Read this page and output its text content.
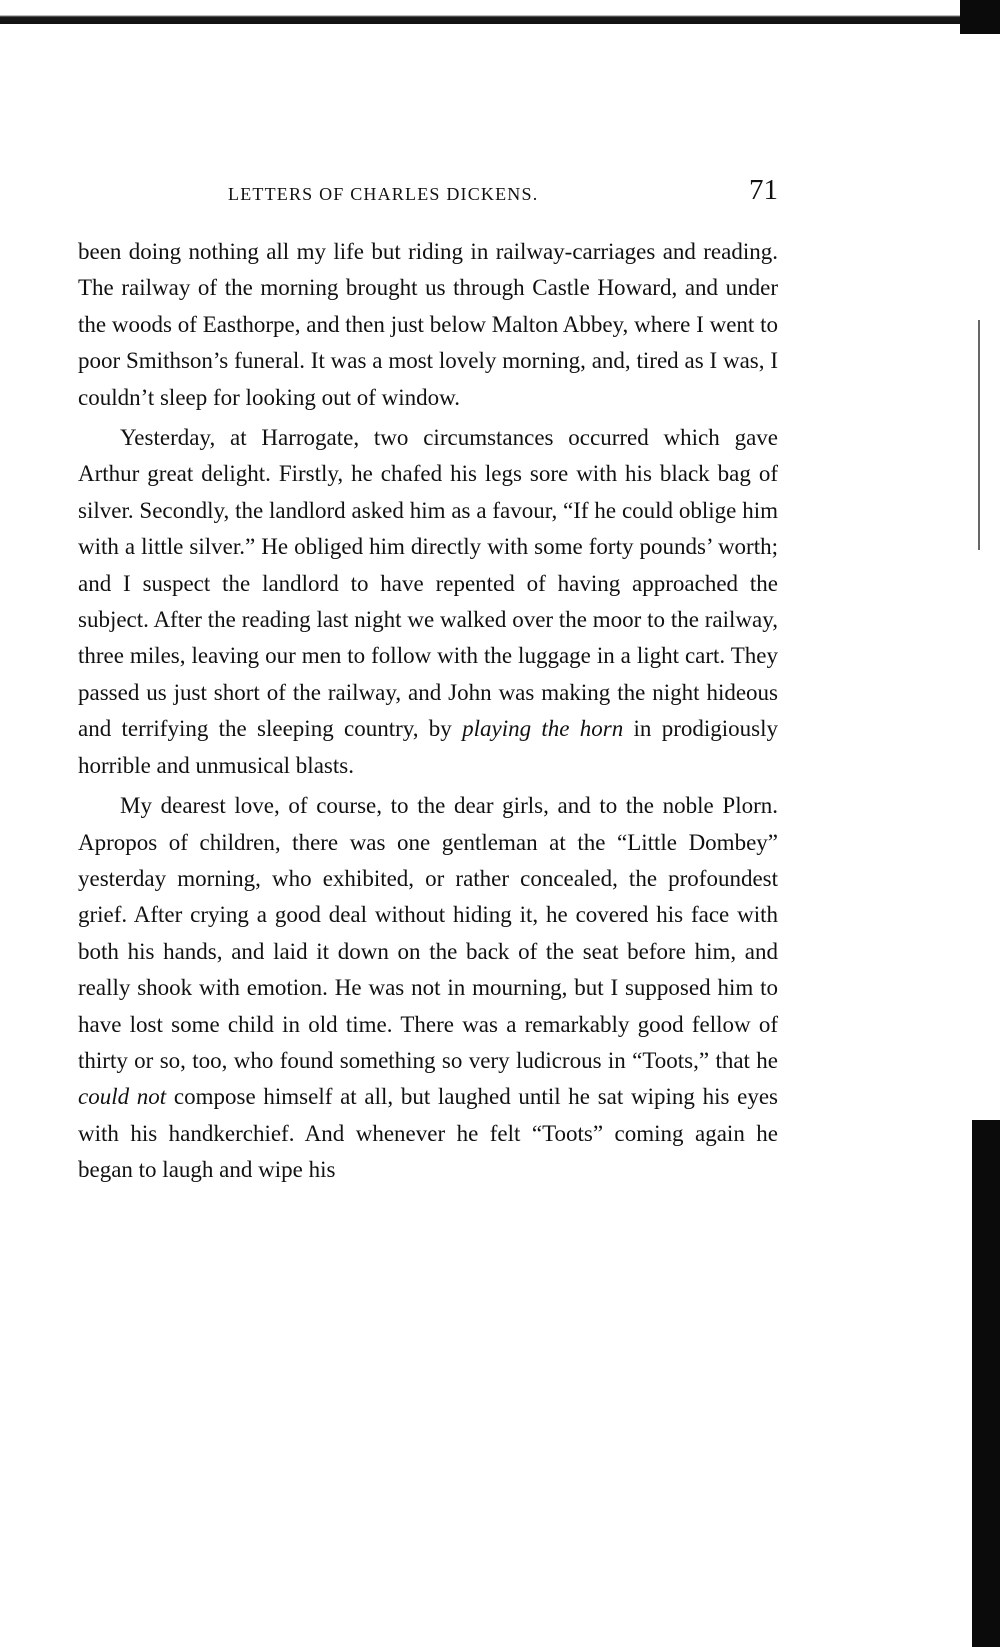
LETTERS OF CHARLES DICKENS.	71

been doing nothing all my life but riding in railway-carriages and reading. The railway of the morning brought us through Castle Howard, and under the woods of Easthorpe, and then just below Malton Abbey, where I went to poor Smithson’s funeral. It was a most lovely morning, and, tired as I was, I couldn’t sleep for looking out of window.

Yesterday, at Harrogate, two circumstances occurred which gave Arthur great delight. Firstly, he chafed his legs sore with his black bag of silver. Secondly, the landlord asked him as a favour, “If he could oblige him with a little silver.” He obliged him directly with some forty pounds’ worth; and I suspect the landlord to have repented of having approached the subject. After the reading last night we walked over the moor to the railway, three miles, leaving our men to follow with the luggage in a light cart. They passed us just short of the railway, and John was making the night hideous and terrifying the sleeping country, by playing the horn in prodigiously horrible and unmusical blasts.

My dearest love, of course, to the dear girls, and to the noble Plorn. Apropos of children, there was one gentleman at the “Little Dombey” yesterday morning, who exhibited, or rather concealed, the profoundest grief. After crying a good deal without hiding it, he covered his face with both his hands, and laid it down on the back of the seat before him, and really shook with emotion. He was not in mourning, but I supposed him to have lost some child in old time. There was a remarkably good fellow of thirty or so, too, who found something so very ludicrous in “Toots,” that he could not compose himself at all, but laughed until he sat wiping his eyes with his handkerchief. And whenever he felt “Toots” coming again he began to laugh and wipe his
